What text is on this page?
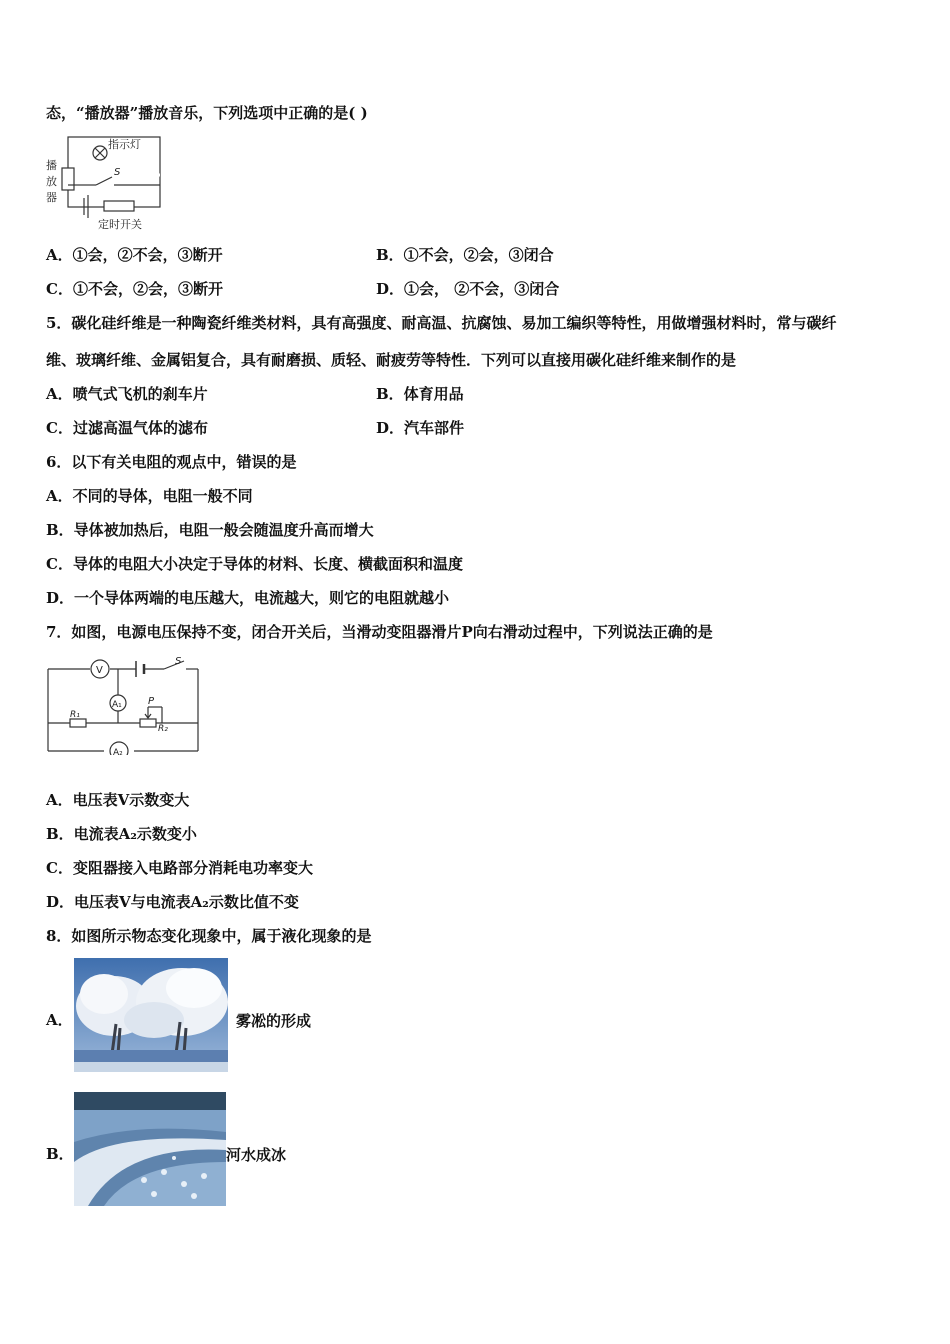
态，“播放器”播放音乐，下列选项中正确的是( )
指示灯
播
放
器
S
定时开关
A．①会，②不会，③断开	B．①不会，②会，③闭合
C．①不会，②会，③断开	D．①会， ②不会，③闭合
5．碳化硅纤维是一种陶瓷纤维类材料，具有高强度、耐高温、抗腐蚀、易加工编织等特性，用做增强材料时，常与碳纤
维、玻璃纤维、金属铝复合，具有耐磨损、质轻、耐疲劳等特性．下列可以直接用碳化硅纤维来制作的是
A．喷气式飞机的刹车片	B．体育用品
C．过滤高温气体的滤布	D．汽车部件
6．以下有关电阻的观点中，错误的是
A．不同的导体，电阻一般不同
B．导体被加热后，电阻一般会随温度升高而增大
C．导体的电阻大小决定于导体的材料、长度、横截面积和温度
D．一个导体两端的电压越大，电流越大，则它的电阻就越小
7．如图，电源电压保持不变，闭合开关后，当滑动变阻器滑片P向右滑动过程中，下列说法正确的是
V
S
A₁	P
R₁
R₂
A₂
A．电压表V示数变大
B．电流表A₂示数变小
C．变阻器接入电路部分消耗电功率变大
D．电压表V与电流表A₂示数比值不变
8．如图所示物态变化现象中，属于液化现象的是
A．	雾凇的形成
B．	河水成冰
